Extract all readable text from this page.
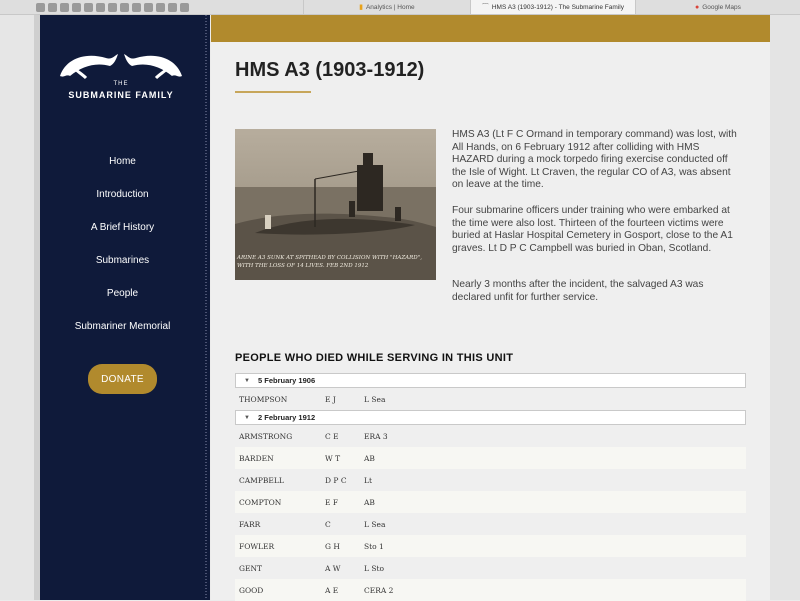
▮ Analytics | Home	⌒ HMS A3 (1903-1912) - The Submarine Family	● Google Maps
THE
SUBMARINE FAMILY
Home
Introduction
A Brief History
Submarines
People
Submariner Memorial
DONATE
HMS A3 (1903-1912)
ARINE A3 SUNK AT SPITHEAD BY COLLISION WITH "HAZARD", WITH THE LOSS OF 14 LIVES. FEB 2ND 1912

HMS A3 (Lt F C Ormand in temporary command) was lost, with All Hands, on 6 February 1912 after colliding with HMS HAZARD during a mock torpedo firing exercise conducted off the Isle of Wight. Lt Craven, the regular CO of A3, was absent on leave at the time.

Four submarine officers under training who were embarked at the time were also lost. Thirteen of the fourteen victims were buried at Haslar Hospital Cemetery in Gosport, close to the A1 graves. Lt D P C Campbell was buried in Oban, Scotland.

Nearly 3 months after the incident, the salvaged A3 was declared unfit for further service.

PEOPLE WHO DIED WHILE SERVING IN THIS UNIT
▼	5 February 1906
THOMPSON	E J	L Sea
▼	2 February 1912
ARMSTRONG	C E	ERA 3
BARDEN	W T	AB
CAMPBELL	D P C	Lt
COMPTON	E F	AB
FARR	C	L Sea
FOWLER	G H	Sto 1
GENT	A W	L Sto
GOOD	A E	CERA 2
